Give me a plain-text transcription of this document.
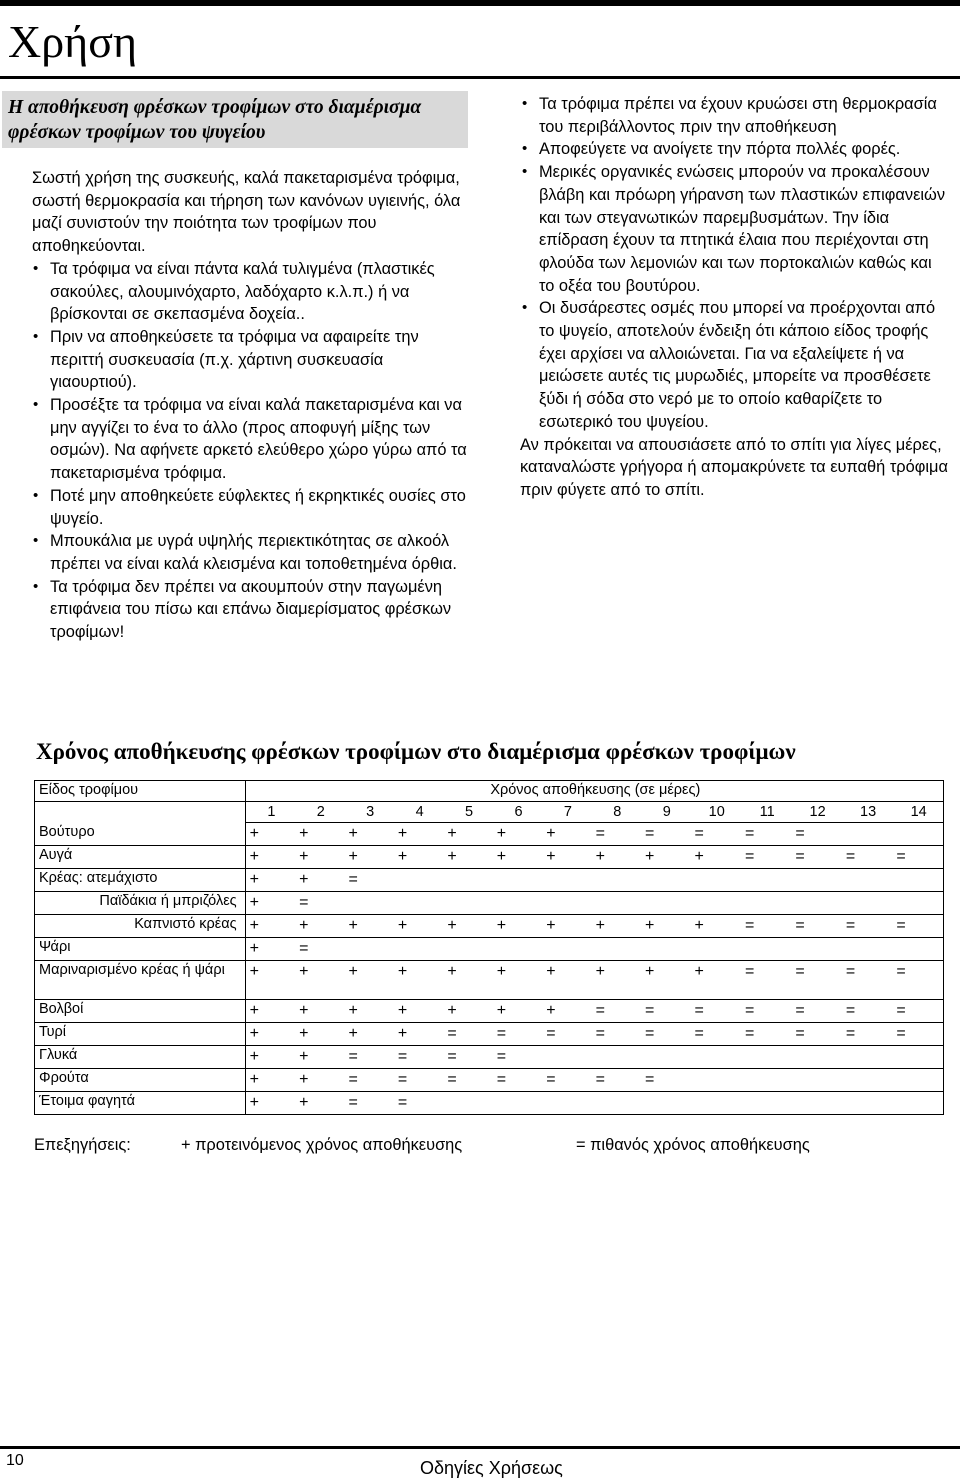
Χρήση
Η αποθήκευση φρέσκων τροφίμων στο διαμέρισμα φρέσκων τροφίμων του ψυγείου

Σωστή χρήση της συσκευής, καλά πακεταρισμένα τρόφιμα, σωστή θερμοκρασία και τήρηση των κανόνων υγιεινής, όλα μαζί συνιστούν την ποιότητα των τροφίμων που αποθηκεύονται.

• Τα τρόφιμα να είναι πάντα καλά τυλιγμένα (πλαστικές σακούλες, αλουμινόχαρτο, λαδόχαρτο κ.λ.π.) ή να βρίσκονται σε σκεπασμένα δοχεία..
• Πριν να αποθηκεύσετε τα τρόφιμα να αφαιρείτε την περιττή συσκευασία (π.χ. χάρτινη συσκευασία γιαουρτιού).
• Προσέξτε τα τρόφιμα να είναι καλά πακεταρισμένα και να μην αγγίζει το ένα το άλλο (προς αποφυγή μίξης των οσμών). Να αφήνετε αρκετό ελεύθερο χώρο γύρω από τα πακεταρισμένα τρόφιμα.
• Ποτέ μην αποθηκεύετε εύφλεκτες ή εκρηκτικές ουσίες στο ψυγείο.
• Μπουκάλια με υγρά υψηλής περιεκτικότητας σε αλκοόλ πρέπει να είναι καλά κλεισμένα και τοποθετημένα όρθια.
• Τα τρόφιμα δεν πρέπει να ακουμπούν στην παγωμένη επιφάνεια του πίσω και επάνω διαμερίσματος φρέσκων τροφίμων!
• Τα τρόφιμα πρέπει να έχουν κρυώσει στη θερμοκρασία του περιβάλλοντος πριν την αποθήκευση
• Αποφεύγετε να ανοίγετε την πόρτα πολλές φορές.
• Μερικές οργανικές ενώσεις μπορούν να προκαλέσουν βλάβη και πρόωρη γήρανση των πλαστικών επιφανειών και των στεγανωτικών παρεμβυσμάτων. Την ίδια επίδραση έχουν τα πτητικά έλαια που περιέχονται στη φλούδα των λεμονιών και των πορτοκαλιών καθώς και το οξέα του βουτύρου.
• Οι δυσάρεστες οσμές που μπορεί να προέρχονται από το ψυγείο, αποτελούν ένδειξη ότι κάποιο είδος τροφής έχει αρχίσει να αλλοιώνεται. Για να εξαλείψετε ή να μειώσετε αυτές τις μυρωδιές, μπορείτε να προσθέσετε ξύδι ή σόδα στο νερό με το οποίο καθαρίζετε το εσωτερικό του ψυγείου.

Αν πρόκειται να απουσιάσετε από το σπίτι για λίγες μέρες, καταναλώστε γρήγορα ή απομακρύνετε τα ευπαθή τρόφιμα πριν φύγετε από το σπίτι.

Χρόνος αποθήκευσης φρέσκων τροφίμων στο διαμέρισμα φρέσκων τροφίμων
Είδος τροφίμου	Χρόνος αποθήκευσης (σε μέρες)													
	1	2	3	4	5	6	7	8	9	10	11	12	13	14
Βούτυρο	+	+	+	+	+	+	+	=	=	=	=	=		
Αυγά	+	+	+	+	+	+	+	+	+	+	=	=	=	=
Κρέας: ατεμάχιστο	+	+	=											
Παϊδάκια ή μπριζόλες	+	=												
Καπνιστό κρέας	+	+	+	+	+	+	+	+	+	+	=	=	=	=
Ψάρι	+	=												
Μαριναρισμένο κρέας ή ψάρι	+	+	+	+	+	+	+	+	+	+	=	=	=	=
Βολβοί	+	+	+	+	+	+	+	=	=	=	=	=	=	=
Τυρί	+	+	+	+	=	=	=	=	=	=	=	=	=	=
Γλυκά	+	+	=	=	=	=								
Φρούτα	+	+	=	=	=	=	=	=	=					
Έτοιμα φαγητά	+	+	=	=										
Επεξηγήσεις:	+ προτεινόμενος χρόνος αποθήκευσης	= πιθανός χρόνος αποθήκευσης
10	Οδηγίες Χρήσεως
